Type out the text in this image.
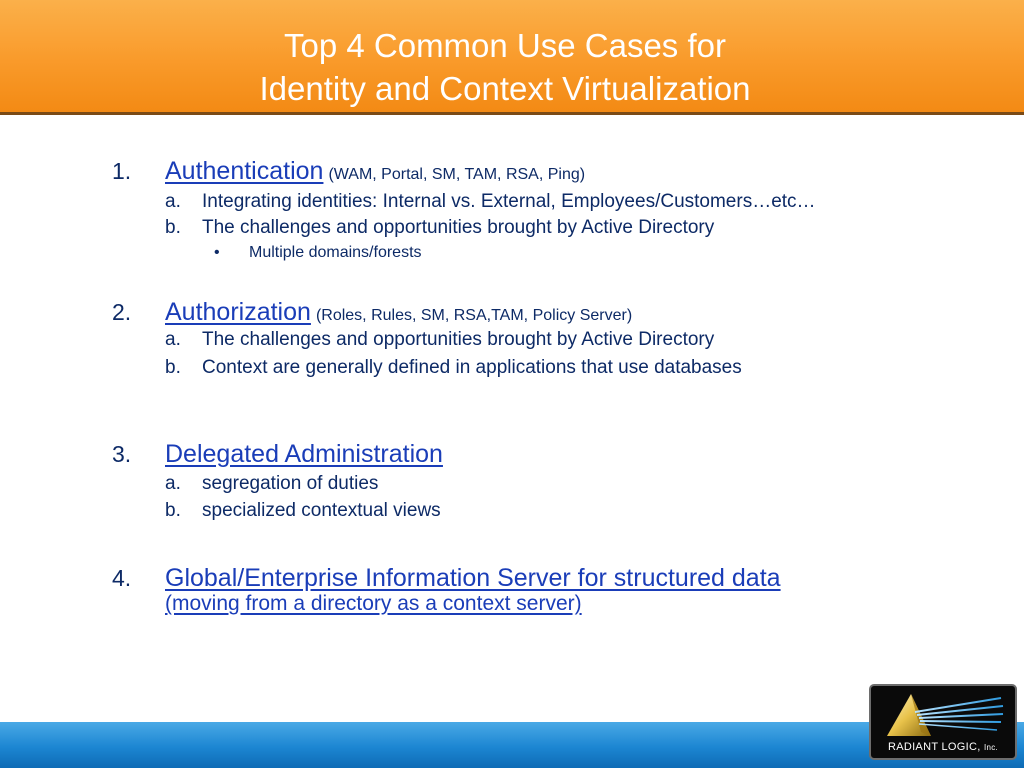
Top 4 Common Use Cases for
Identity and Context Virtualization
1. Authentication (WAM, Portal, SM, TAM, RSA, Ping)
a. Integrating identities: Internal vs. External, Employees/Customers…etc…
b. The challenges and opportunities brought by Active Directory
• Multiple domains/forests
2. Authorization (Roles, Rules, SM, RSA,TAM, Policy Server)
a. The challenges and opportunities brought by Active Directory
b. Context are generally defined in applications that use databases
3. Delegated Administration
a. segregation of duties
b. specialized contextual views
4. Global/Enterprise Information Server for structured data
(moving from a directory as a context server)
RADIANT LOGIC, Inc.
